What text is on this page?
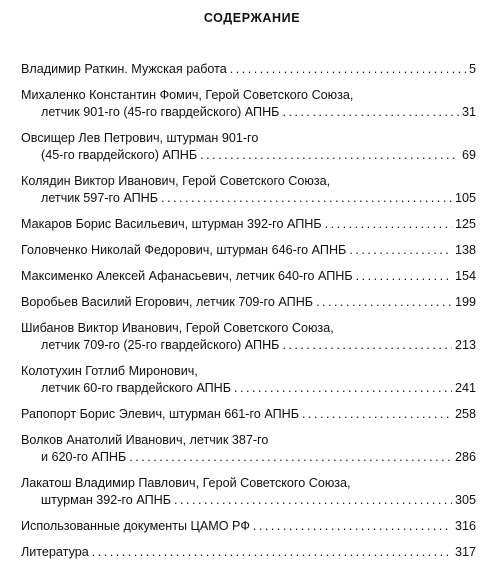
СОДЕРЖАНИЕ
Владимир Раткин. Мужская работа . . .	5
Михаленко Константин Фомич, Герой Советского Союза,
летчик 901-го (45-го гвардейского) АПНБ . . .	31
Овсищер Лев Петрович, штурман 901-го
(45-го гвардейского) АПНБ . . .	69
Колядин Виктор Иванович, Герой Советского Союза,
летчик 597-го АПНБ . . .	105
Макаров Борис Васильевич, штурман 392-го АПНБ . . .	125
Головченко Николай Федорович, штурман 646-го АПНБ . . .	138
Максименко Алексей Афанасьевич, летчик 640-го АПНБ . . .	154
Воробьев Василий Егорович, летчик 709-го АПНБ . . .	199
Шибанов Виктор Иванович, Герой Советского Союза,
летчик 709-го (25-го гвардейского) АПНБ . . .	213
Колотухин Готлиб Миронович,
летчик 60-го гвардейского АПНБ . . .	241
Рапопорт Борис Элевич, штурман 661-го АПНБ . . .	258
Волков Анатолий Иванович, летчик 387-го
и 620-го АПНБ . . .	286
Лакатош Владимир Павлович, Герой Советского Союза,
штурман 392-го АПНБ . . .	305
Использованные документы ЦАМО РФ . . .	316
Литература . . .	317
